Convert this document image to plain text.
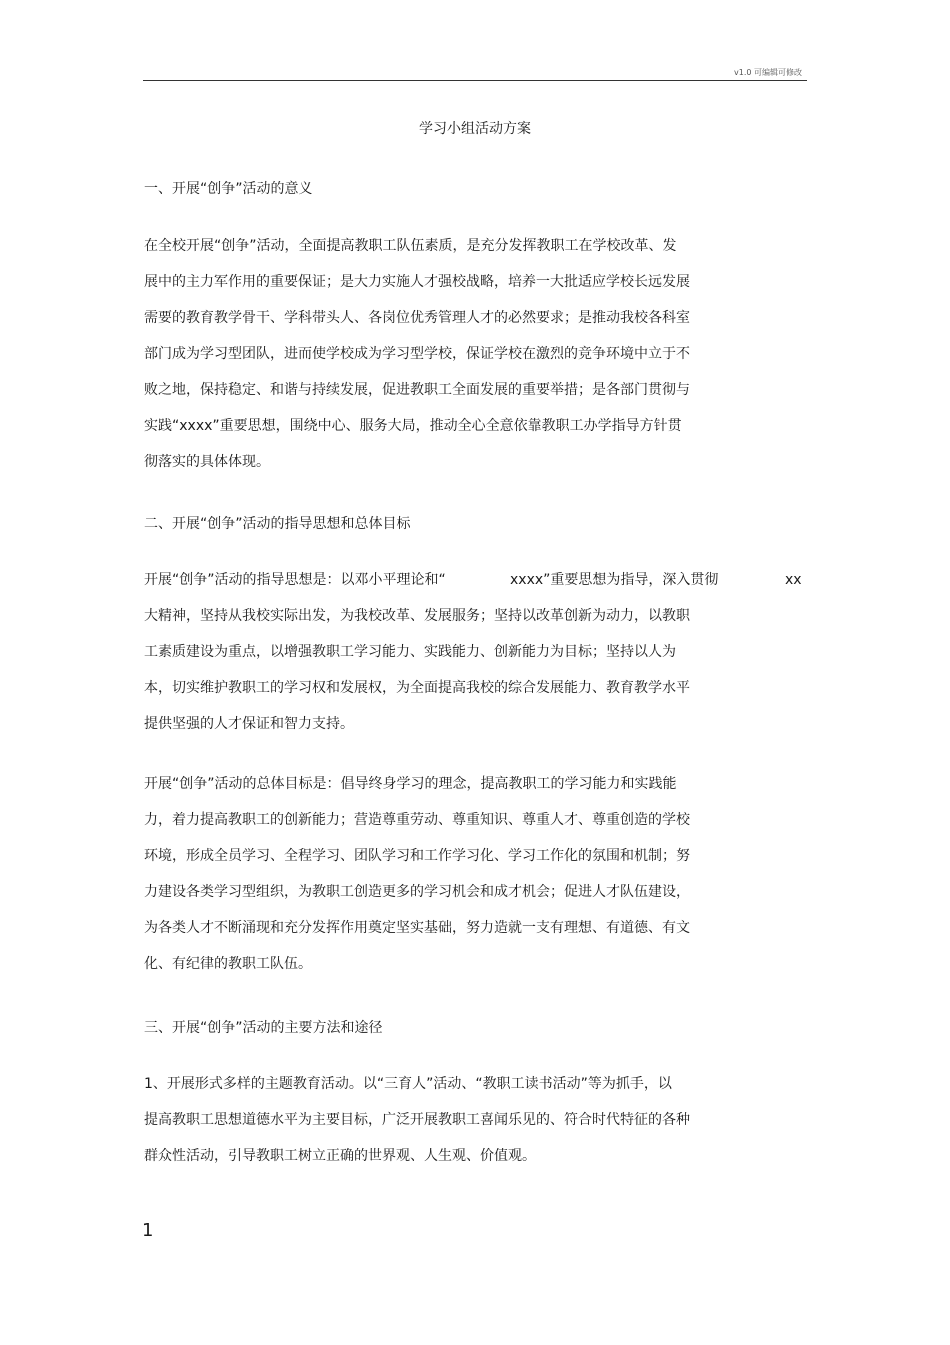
v1.0 可编辑可修改
学习小组活动方案
一、开展“创争”活动的意义
在全校开展“创争”活动，全面提高教职工队伍素质，是充分发挥教职工在学校改革、发
展中的主力军作用的重要保证；是大力实施人才强校战略，培养一大批适应学校长远发展
需要的教育教学骨干、学科带头人、各岗位优秀管理人才的必然要求；是推动我校各科室
部门成为学习型团队，进而使学校成为学习型学校，保证学校在激烈的竞争环境中立于不
败之地，保持稳定、和谐与持续发展，促进教职工全面发展的重要举措；是各部门贯彻与
实践“xxxx”重要思想，围绕中心、服务大局，推动全心全意依靠教职工办学指导方针贯
彻落实的具体体现。
二、开展“创争”活动的指导思想和总体目标
开展“创争”活动的指导思想是：以邓小平理论和“	xxxx”重要思想为指导，深入贯彻	xx
大精神，坚持从我校实际出发，为我校改革、发展服务；坚持以改革创新为动力，以教职
工素质建设为重点，以增强教职工学习能力、实践能力、创新能力为目标；坚持以人为
本，切实维护教职工的学习权和发展权，为全面提高我校的综合发展能力、教育教学水平
提供坚强的人才保证和智力支持。
开展“创争”活动的总体目标是：倡导终身学习的理念，提高教职工的学习能力和实践能
力，着力提高教职工的创新能力；营造尊重劳动、尊重知识、尊重人才、尊重创造的学校
环境，形成全员学习、全程学习、团队学习和工作学习化、学习工作化的氛围和机制；努
力建设各类学习型组织，为教职工创造更多的学习机会和成才机会；促进人才队伍建设，
为各类人才不断涌现和充分发挥作用奠定坚实基础，努力造就一支有理想、有道德、有文
化、有纪律的教职工队伍。
三、开展“创争”活动的主要方法和途径
1、开展形式多样的主题教育活动。以“三育人”活动、“教职工读书活动”等为抓手，以
提高教职工思想道德水平为主要目标，广泛开展教职工喜闻乐见的、符合时代特征的各种
群众性活动，引导教职工树立正确的世界观、人生观、价值观。
1
